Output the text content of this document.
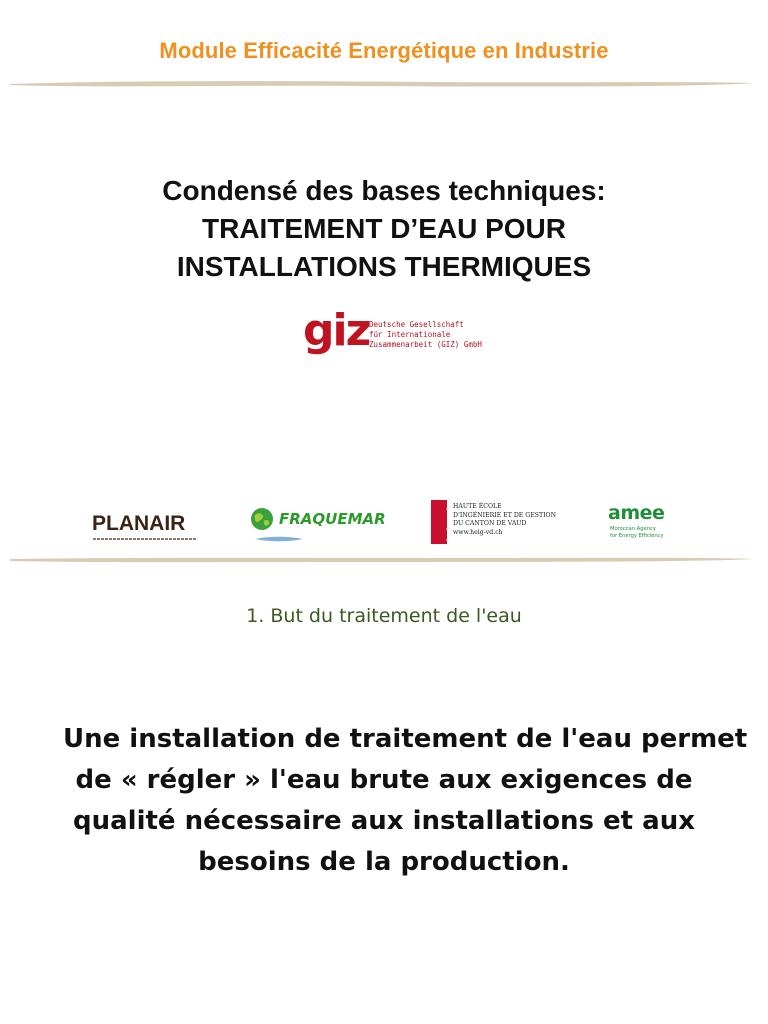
Module Efficacité Energétique en Industrie
Condensé des bases techniques:
TRAITEMENT D’EAU POUR
INSTALLATIONS THERMIQUES
giz Deutsche Gesellschaft
für Internationale
Zusammenarbeit (GIZ) GmbH
PLANAIR	FRAQUEMAR	heig-vd
HAUTE ÉCOLE
D’INGÉNIERIE ET DE GESTION
DU CANTON DE VAUD
www.heig-vd.ch
amee
Moroccan Agency
for Energy Efficiency
1. But du traitement de l'eau
Une installation de traitement de l'eau permet
de « régler » l'eau brute aux exigences de
qualité nécessaire aux installations et aux
besoins de la production.
